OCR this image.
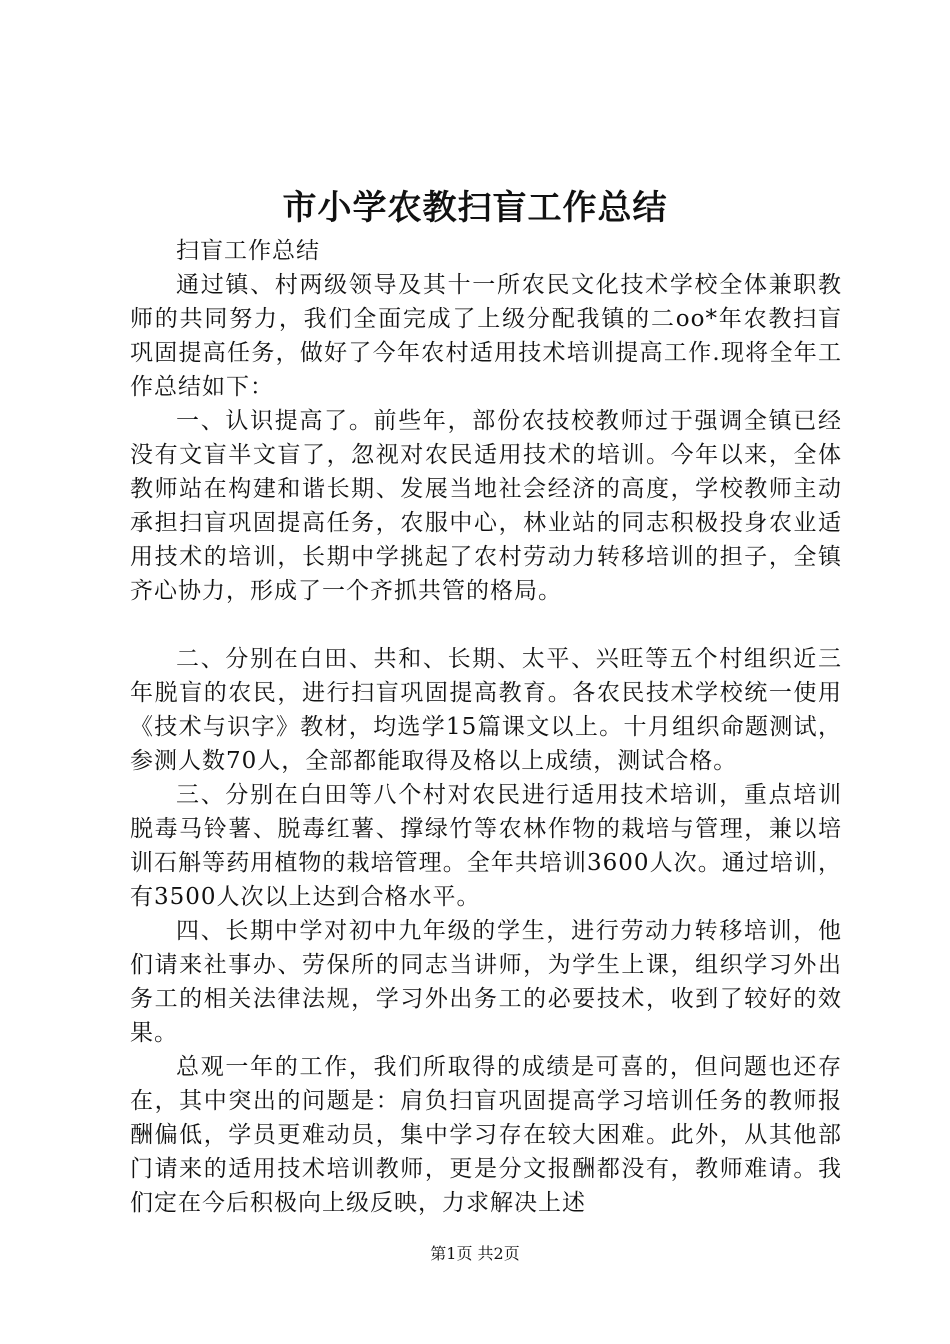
市小学农教扫盲工作总结

扫盲工作总结

通过镇、村两级领导及其十一所农民文化技术学校全体兼职教师的共同努力，我们全面完成了上级分配我镇的二oo*年农教扫盲巩固提高任务，做好了今年农村适用技术培训提高工作.现将全年工作总结如下：

一、认识提高了。前些年，部份农技校教师过于强调全镇已经没有文盲半文盲了，忽视对农民适用技术的培训。今年以来，全体教师站在构建和谐长期、发展当地社会经济的高度，学校教师主动承担扫盲巩固提高任务，农服中心，林业站的同志积极投身农业适用技术的培训，长期中学挑起了农村劳动力转移培训的担子，全镇齐心协力，形成了一个齐抓共管的格局。

二、分别在白田、共和、长期、太平、兴旺等五个村组织近三年脱盲的农民，进行扫盲巩固提高教育。各农民技术学校统一使用《技术与识字》教材，均选学15篇课文以上。十月组织命题测试，参测人数70人，全部都能取得及格以上成绩，测试合格。

三、分别在白田等八个村对农民进行适用技术培训，重点培训脱毒马铃薯、脱毒红薯、撑绿竹等农林作物的栽培与管理，兼以培训石斛等药用植物的栽培管理。全年共培训3600人次。通过培训，有3500人次以上达到合格水平。

四、长期中学对初中九年级的学生，进行劳动力转移培训，他们请来社事办、劳保所的同志当讲师，为学生上课，组织学习外出务工的相关法律法规，学习外出务工的必要技术，收到了较好的效果。

总观一年的工作，我们所取得的成绩是可喜的，但问题也还存在，其中突出的问题是：肩负扫盲巩固提高学习培训任务的教师报酬偏低，学员更难动员，集中学习存在较大困难。此外，从其他部门请来的适用技术培训教师，更是分文报酬都没有，教师难请。我们定在今后积极向上级反映，力求解决上述

第1页 共2页
